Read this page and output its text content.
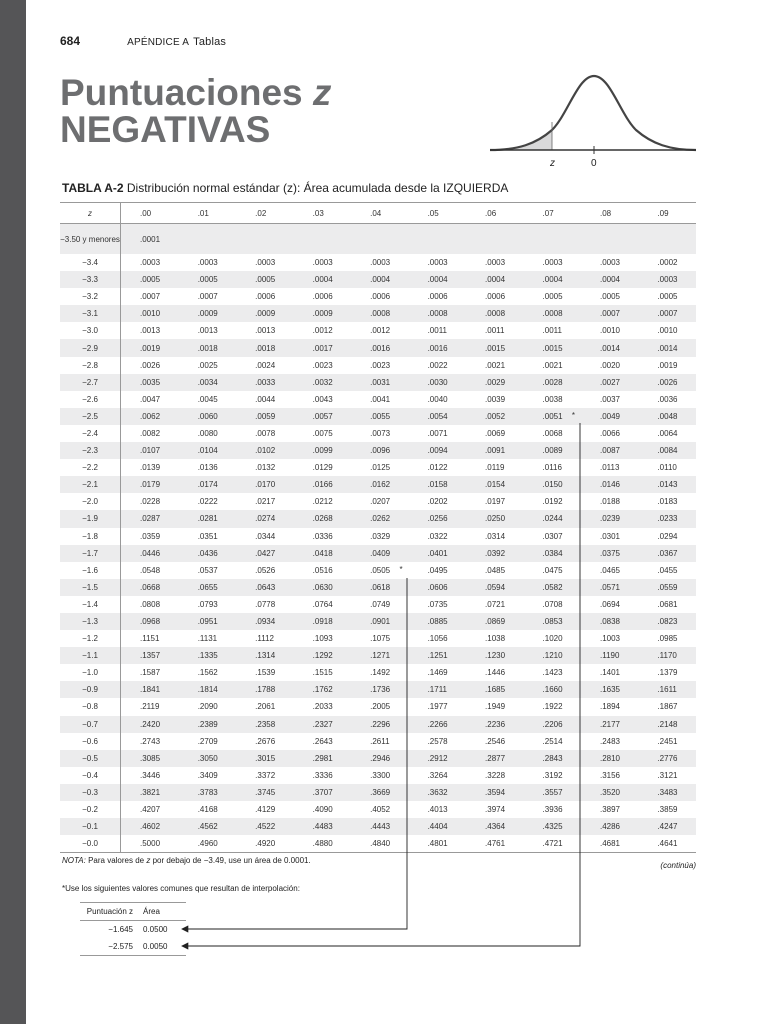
684	APÉNDICE A Tablas
Puntuaciones z
NEGATIVAS
z	0
TABLA A-2 Distribución normal estándar (z): Área acumulada desde la IZQUIERDA
z	.00	.01	.02	.03	.04	.05	.06	.07	.08	.09
−3.50 y menores	.0001									
−3.4	.0003	.0003	.0003	.0003	.0003	.0003	.0003	.0003	.0003	.0002
−3.3	.0005	.0005	.0005	.0004	.0004	.0004	.0004	.0004	.0004	.0003
−3.2	.0007	.0007	.0006	.0006	.0006	.0006	.0006	.0005	.0005	.0005
−3.1	.0010	.0009	.0009	.0009	.0008	.0008	.0008	.0008	.0007	.0007
−3.0	.0013	.0013	.0013	.0012	.0012	.0011	.0011	.0011	.0010	.0010
−2.9	.0019	.0018	.0018	.0017	.0016	.0016	.0015	.0015	.0014	.0014
−2.8	.0026	.0025	.0024	.0023	.0023	.0022	.0021	.0021	.0020	.0019
−2.7	.0035	.0034	.0033	.0032	.0031	.0030	.0029	.0028	.0027	.0026
−2.6	.0047	.0045	.0044	.0043	.0041	.0040	.0039	.0038	.0037	.0036
−2.5	.0062	.0060	.0059	.0057	.0055	.0054	.0052	.0051 *	.0049	.0048
−2.4	.0082	.0080	.0078	.0075	.0073	.0071	.0069	.0068	.0066	.0064
−2.3	.0107	.0104	.0102	.0099	.0096	.0094	.0091	.0089	.0087	.0084
−2.2	.0139	.0136	.0132	.0129	.0125	.0122	.0119	.0116	.0113	.0110
−2.1	.0179	.0174	.0170	.0166	.0162	.0158	.0154	.0150	.0146	.0143
−2.0	.0228	.0222	.0217	.0212	.0207	.0202	.0197	.0192	.0188	.0183
−1.9	.0287	.0281	.0274	.0268	.0262	.0256	.0250	.0244	.0239	.0233
−1.8	.0359	.0351	.0344	.0336	.0329	.0322	.0314	.0307	.0301	.0294
−1.7	.0446	.0436	.0427	.0418	.0409	.0401	.0392	.0384	.0375	.0367
−1.6	.0548	.0537	.0526	.0516	.0505 *	.0495	.0485	.0475	.0465	.0455
−1.5	.0668	.0655	.0643	.0630	.0618	.0606	.0594	.0582	.0571	.0559
−1.4	.0808	.0793	.0778	.0764	.0749	.0735	.0721	.0708	.0694	.0681
−1.3	.0968	.0951	.0934	.0918	.0901	.0885	.0869	.0853	.0838	.0823
−1.2	.1151	.1131	.1112	.1093	.1075	.1056	.1038	.1020	.1003	.0985
−1.1	.1357	.1335	.1314	.1292	.1271	.1251	.1230	.1210	.1190	.1170
−1.0	.1587	.1562	.1539	.1515	.1492	.1469	.1446	.1423	.1401	.1379
−0.9	.1841	.1814	.1788	.1762	.1736	.1711	.1685	.1660	.1635	.1611
−0.8	.2119	.2090	.2061	.2033	.2005	.1977	.1949	.1922	.1894	.1867
−0.7	.2420	.2389	.2358	.2327	.2296	.2266	.2236	.2206	.2177	.2148
−0.6	.2743	.2709	.2676	.2643	.2611	.2578	.2546	.2514	.2483	.2451
−0.5	.3085	.3050	.3015	.2981	.2946	.2912	.2877	.2843	.2810	.2776
−0.4	.3446	.3409	.3372	.3336	.3300	.3264	.3228	.3192	.3156	.3121
−0.3	.3821	.3783	.3745	.3707	.3669	.3632	.3594	.3557	.3520	.3483
−0.2	.4207	.4168	.4129	.4090	.4052	.4013	.3974	.3936	.3897	.3859
−0.1	.4602	.4562	.4522	.4483	.4443	.4404	.4364	.4325	.4286	.4247
−0.0	.5000	.4960	.4920	.4880	.4840	.4801	.4761	.4721	.4681	.4641
NOTA: Para valores de z por debajo de −3.49, use un área de 0.0001.
(continúa)
*Use los siguientes valores comunes que resultan de interpolación:
Puntuación z	Área
−1.645	0.0500
−2.575	0.0050
